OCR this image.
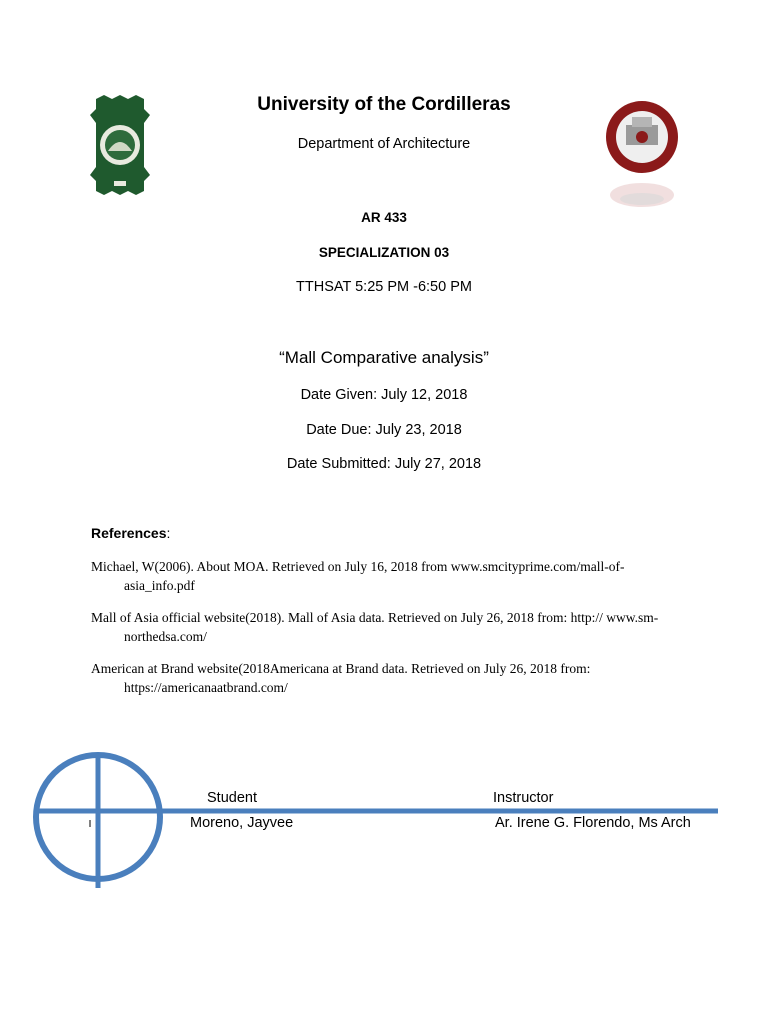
University of the Cordilleras
Department of Architecture
AR 433
SPECIALIZATION 03
TTHSAT 5:25 PM -6:50 PM
“Mall Comparative analysis”
Date Given: July 12, 2018
Date Due: July 23, 2018
Date Submitted: July 27, 2018
References:
Michael, W(2006). About MOA. Retrieved on July 16, 2018 from www.smcityprime.com/mall-of-
asia_info.pdf
Mall of Asia official website(2018). Mall of Asia data. Retrieved on July 26, 2018 from: http:// www.sm-
northedsa.com/
American at Brand website(2018Americana at Brand data. Retrieved on July 26, 2018 from:
https://americanaatbrand.com/
Student
Moreno, Jayvee
Instructor
Ar. Irene G. Florendo, Ms Arch
